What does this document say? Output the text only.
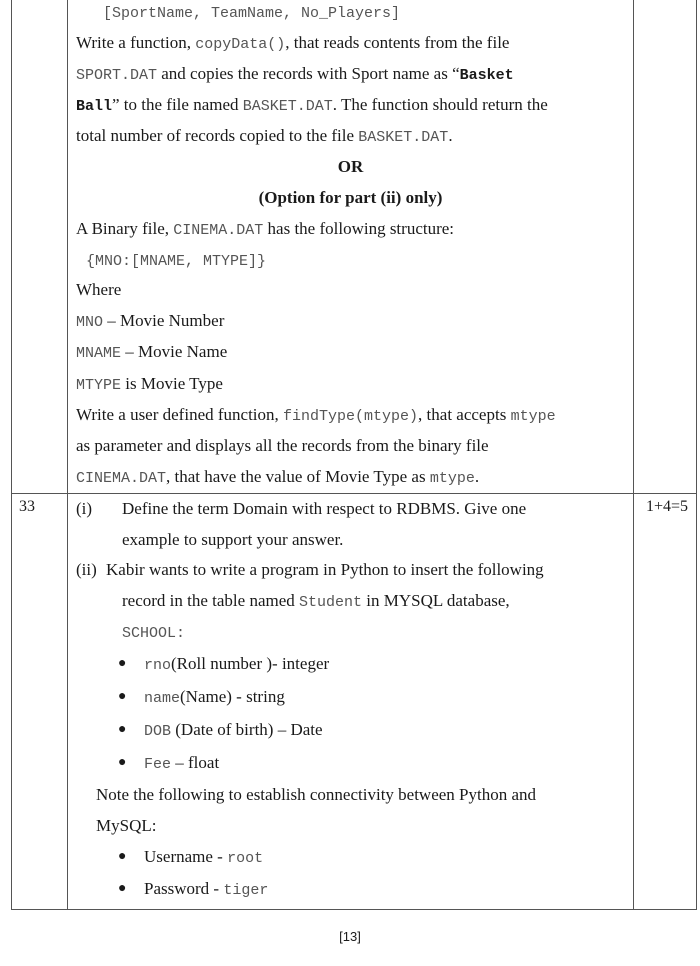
[SportName, TeamName, No_Players]
Write a function, copyData(), that reads contents from the file
SPORT.DAT and copies the records with Sport name as “Basket
Ball” to the file named BASKET.DAT. The function should return the
total number of records copied to the file BASKET.DAT.
OR
(Option for part (ii) only)
A Binary file, CINEMA.DAT has the following structure:
{MNO:[MNAME, MTYPE]}
Where
MNO – Movie Number
MNAME – Movie Name
MTYPE is Movie Type
Write a user defined function, findType(mtype), that accepts mtype
as parameter and displays all the records from the binary file
CINEMA.DAT, that have the value of Movie Type as mtype.
33	1+4=5
(i) Define the term Domain with respect to RDBMS. Give one
example to support your answer.
(ii) Kabir wants to write a program in Python to insert the following
record in the table named Student in MYSQL database,
SCHOOL:
● rno(Roll number )- integer
● name(Name) - string
● DOB (Date of birth) – Date
● Fee – float
Note the following to establish connectivity between Python and
MySQL:
● Username - root
● Password - tiger
[13]
